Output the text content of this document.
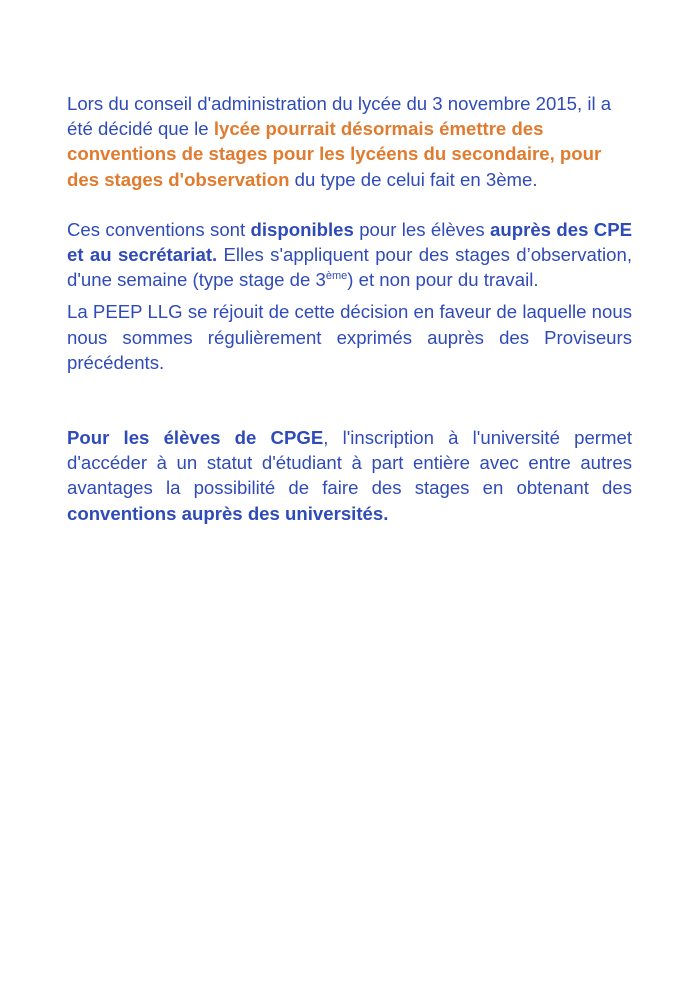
Lors du conseil d'administration du lycée du 3 novembre 2015, il a été décidé que le lycée pourrait désormais émettre des conventions de stages pour les lycéens du secondaire, pour des stages d'observation du type de celui fait en 3ème.

Ces conventions sont disponibles pour les élèves auprès des CPE et au secrétariat. Elles s'appliquent pour des stages d’observation, d'une semaine (type stage de 3ème) et non pour du travail.

La PEEP LLG se réjouit de cette décision en faveur de laquelle nous nous sommes régulièrement exprimés auprès des Proviseurs précédents.

Pour les élèves de CPGE, l'inscription à l'université permet d'accéder à un statut d'étudiant à part entière avec entre autres avantages la possibilité de faire des stages en obtenant des conventions auprès des universités.
